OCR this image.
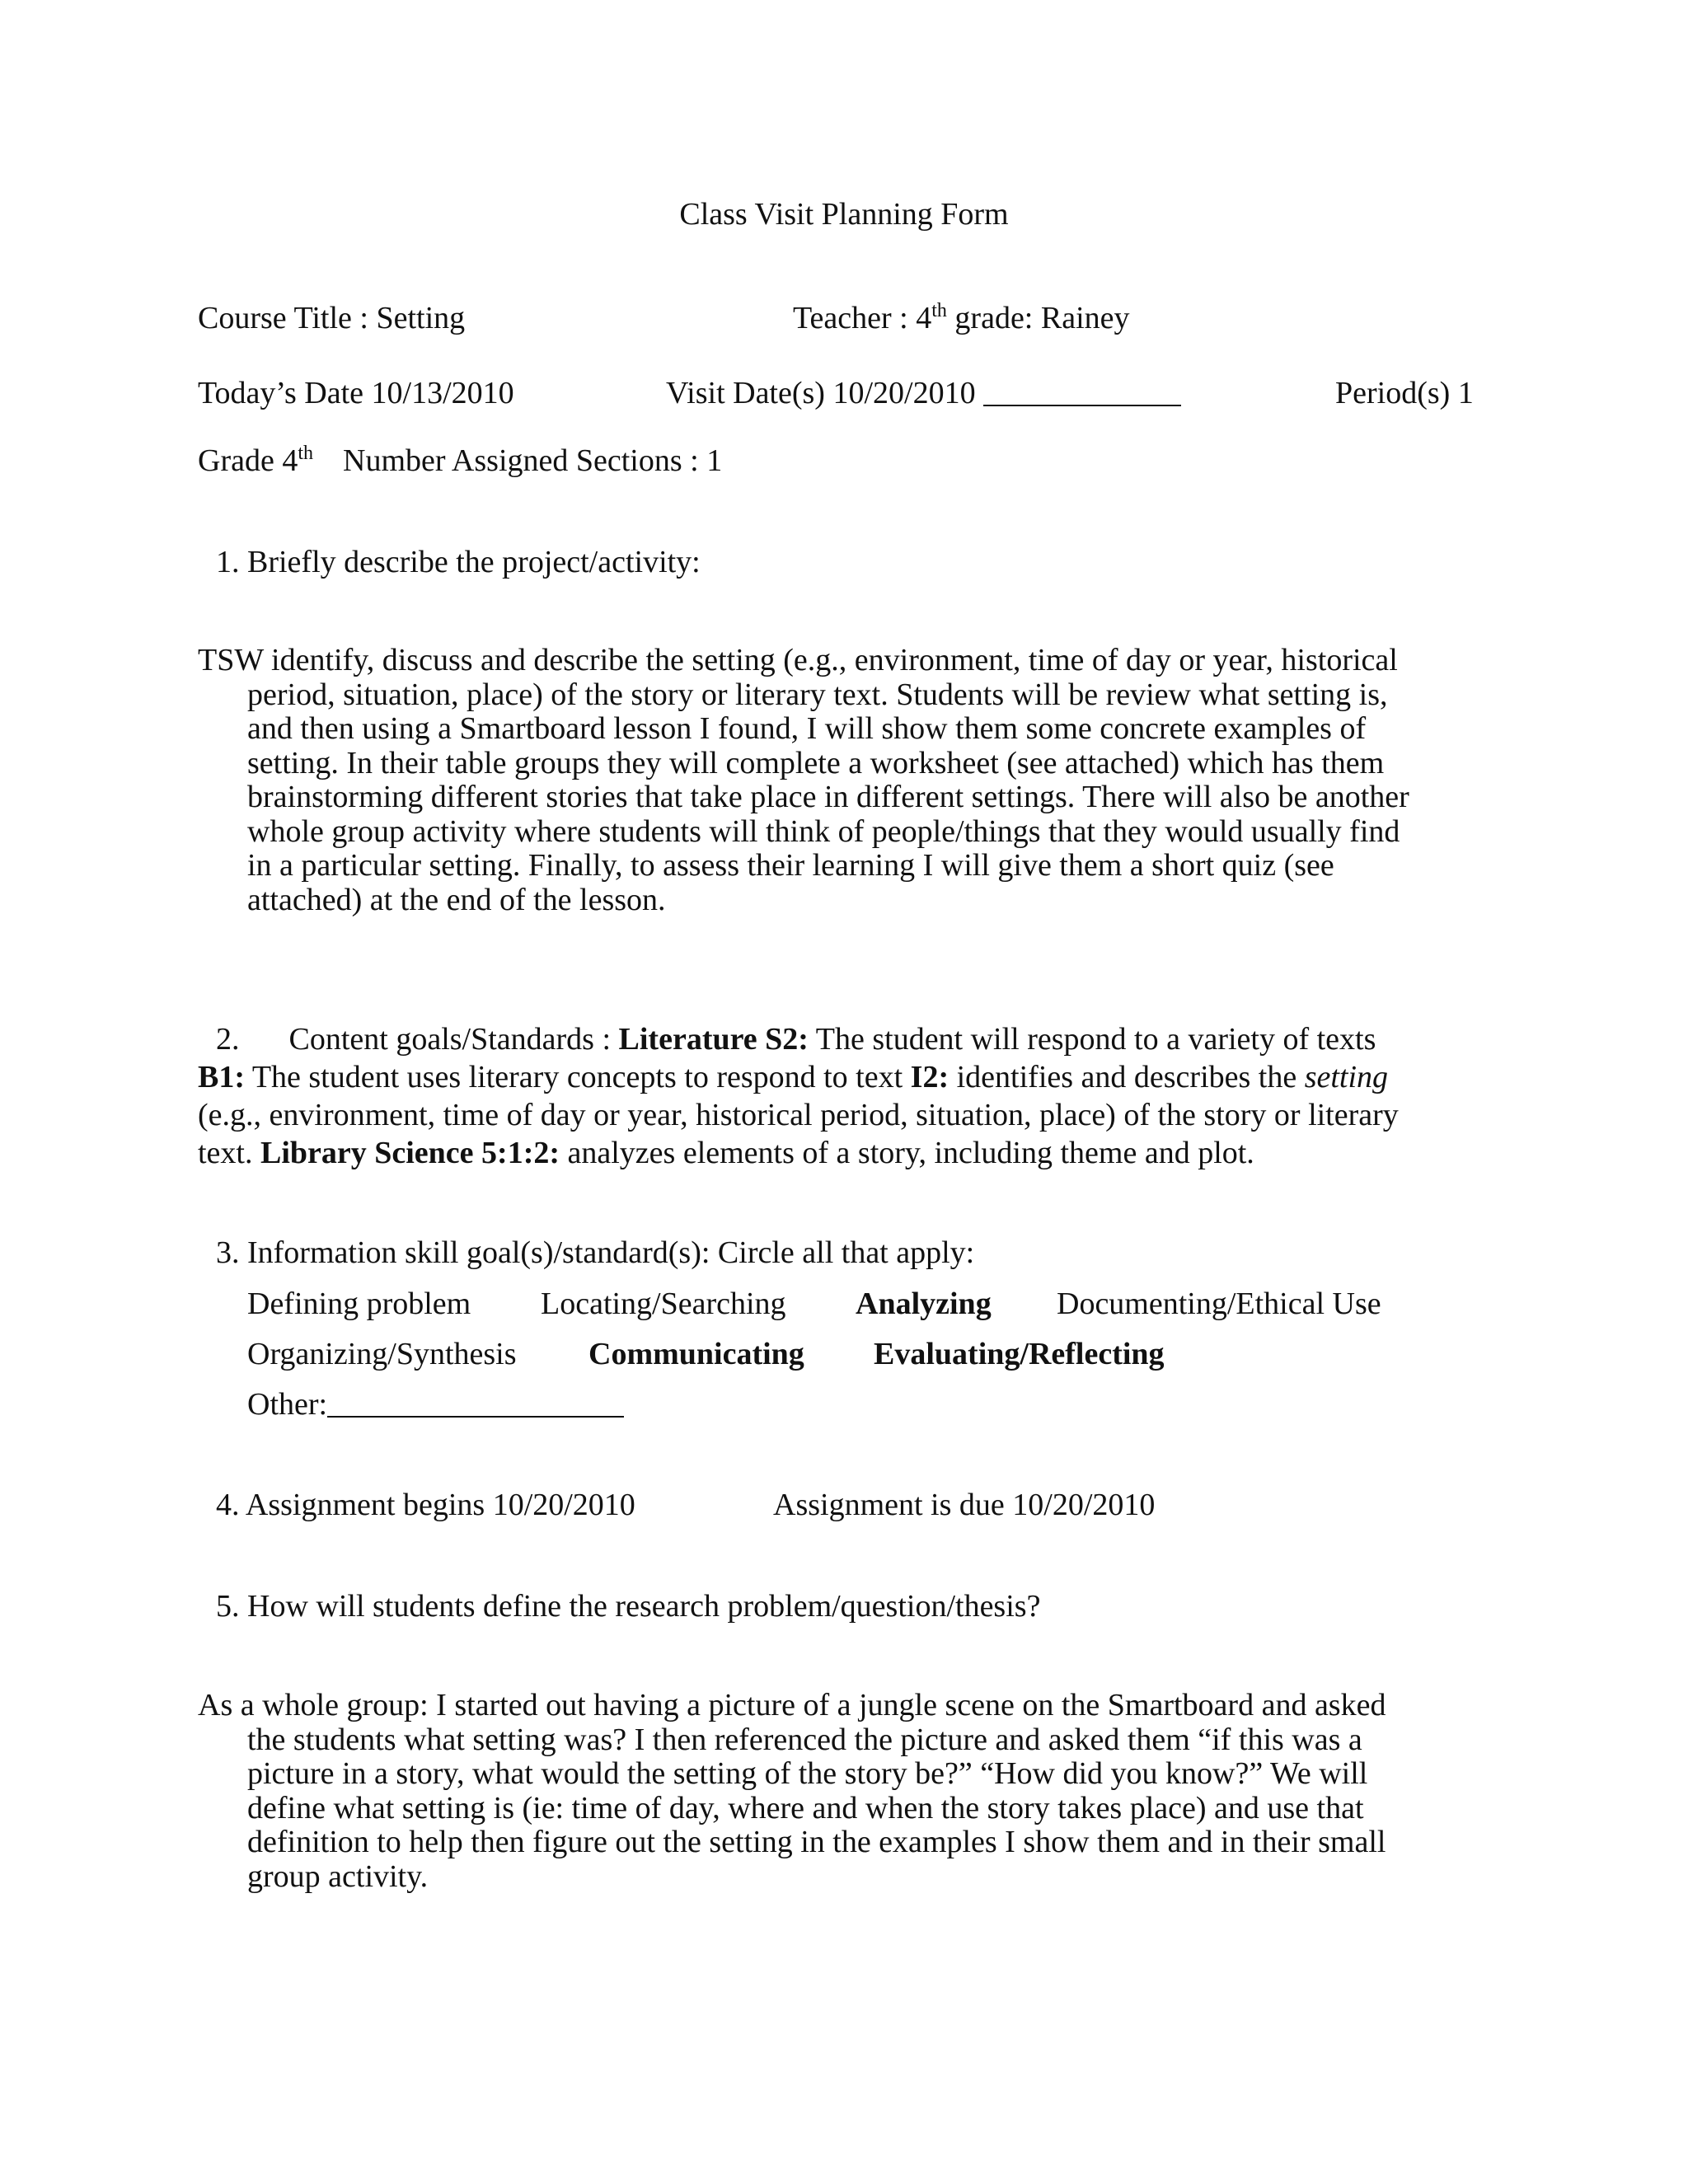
Class Visit Planning Form
Course Title : Setting	Teacher : 4th grade: Rainey
Today’s Date 10/13/2010	Visit Date(s) 10/20/2010	Period(s) 1
Grade 4th Number Assigned Sections : 1
1. Briefly describe the project/activity:
TSW identify, discuss and describe the setting (e.g., environment, time of day or year, historical
period, situation, place) of the story or literary text. Students will be review what setting is,
and then using a Smartboard lesson I found, I will show them some concrete examples of
setting. In their table groups they will complete a worksheet (see attached) which has them
brainstorming different stories that take place in different settings. There will also be another
whole group activity where students will think of people/things that they would usually find
in a particular setting. Finally, to assess their learning I will give them a short quiz (see
attached) at the end of the lesson.
2. Content goals/Standards : Literature S2: The student will respond to a variety of texts
B1: The student uses literary concepts to respond to text I2: identifies and describes the setting
(e.g., environment, time of day or year, historical period, situation, place) of the story or literary
text. Library Science 5:1:2: analyzes elements of a story, including theme and plot.
3. Information skill goal(s)/standard(s): Circle all that apply:
Defining problem Locating/Searching Analyzing Documenting/Ethical Use
Organizing/Synthesis Communicating Evaluating/Reflecting
Other:
4. Assignment begins 10/20/2010	Assignment is due 10/20/2010
5. How will students define the research problem/question/thesis?
As a whole group: I started out having a picture of a jungle scene on the Smartboard and asked
the students what setting was? I then referenced the picture and asked them “if this was a
picture in a story, what would the setting of the story be?” “How did you know?” We will
define what setting is (ie: time of day, where and when the story takes place) and use that
definition to help then figure out the setting in the examples I show them and in their small
group activity.
